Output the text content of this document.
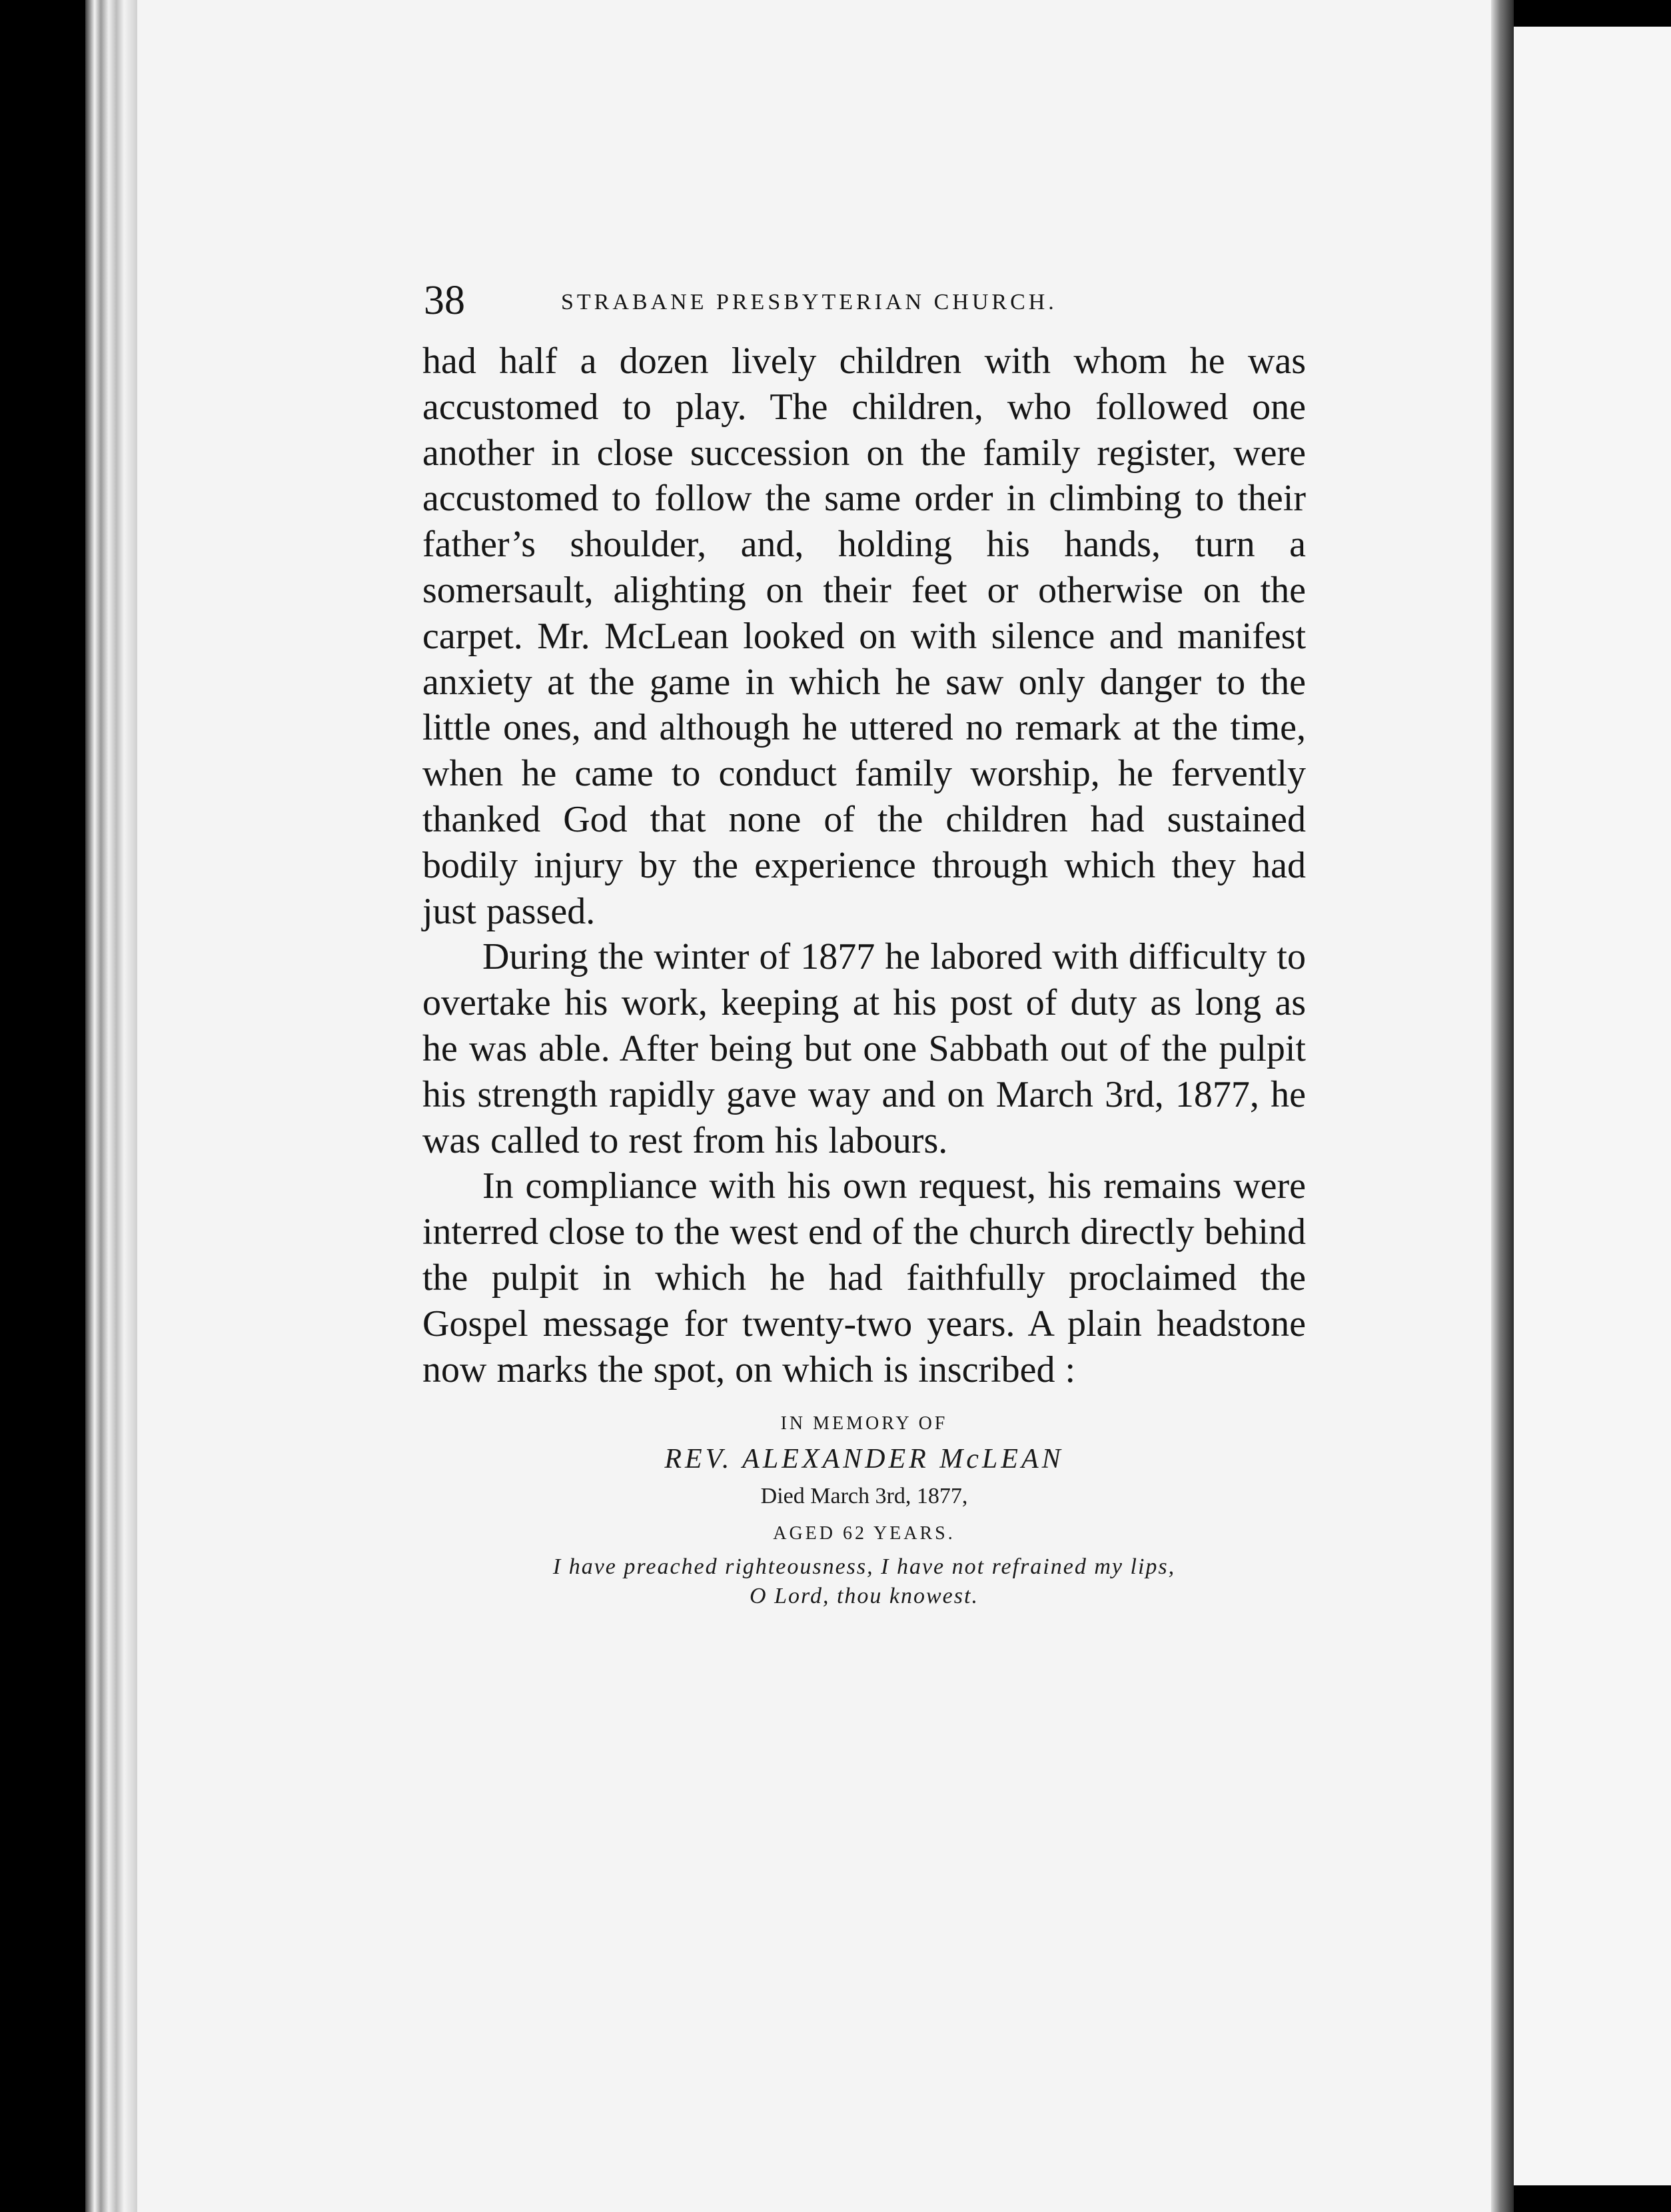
38	STRABANE PRESBYTERIAN CHURCH.

had half a dozen lively children with whom he was accustomed to play. The children, who followed one another in close succession on the family register, were accustomed to follow the same order in climbing to their father’s shoulder, and, holding his hands, turn a somersault, alighting on their feet or otherwise on the carpet. Mr. McLean looked on with silence and manifest anxiety at the game in which he saw only danger to the little ones, and although he uttered no remark at the time, when he came to conduct family worship, he fervently thanked God that none of the children had sustained bodily injury by the experience through which they had just passed.

During the winter of 1877 he labored with difficulty to overtake his work, keeping at his post of duty as long as he was able. After being but one Sabbath out of the pulpit his strength rapidly gave way and on March 3rd, 1877, he was called to rest from his labours.

In compliance with his own request, his remains were interred close to the west end of the church directly behind the pulpit in which he had faithfully proclaimed the Gospel message for twenty-two years. A plain headstone now marks the spot, on which is inscribed :

IN MEMORY OF
REV. ALEXANDER McLEAN
Died March 3rd, 1877,
AGED 62 YEARS.
I have preached righteousness, I have not refrained my lips,
O Lord, thou knowest.
